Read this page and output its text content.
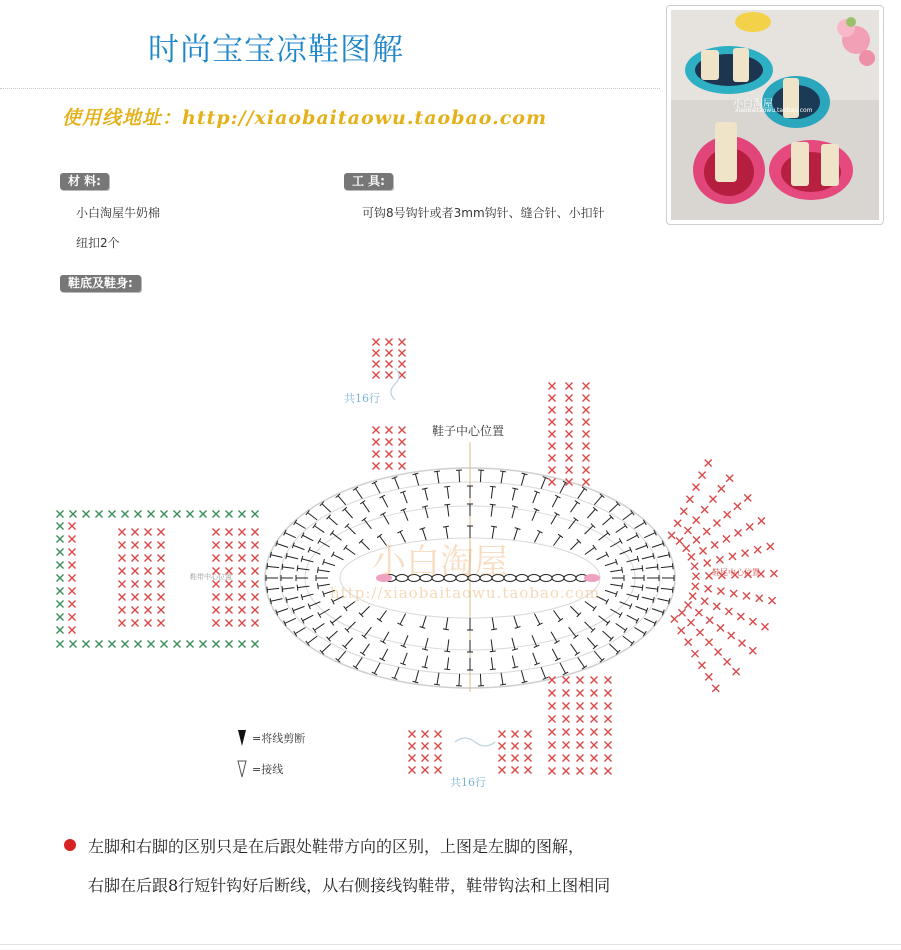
时尚宝宝凉鞋图解
使用线地址：http://xiaobaitaowu.taobao.com
材 料:
小白淘屋牛奶棉
纽扣2个
工 具:
可钩8号钩针或者3mm钩针、缝合针、小扣针
鞋底及鞋身:
小白淘屋
xiaobaitaowu.taobao.com
鞋子中心位置
共16行
共16行
鞋尾中心位置
鞋带中心位置	小白淘屋
http://xiaobaitaowu.taobao.com
=将线剪断
=接线
左脚和右脚的区别只是在后跟处鞋带方向的区别，上图是左脚的图解，
右脚在后跟8行短针钩好后断线，从右侧接线钩鞋带，鞋带钩法和上图相同
